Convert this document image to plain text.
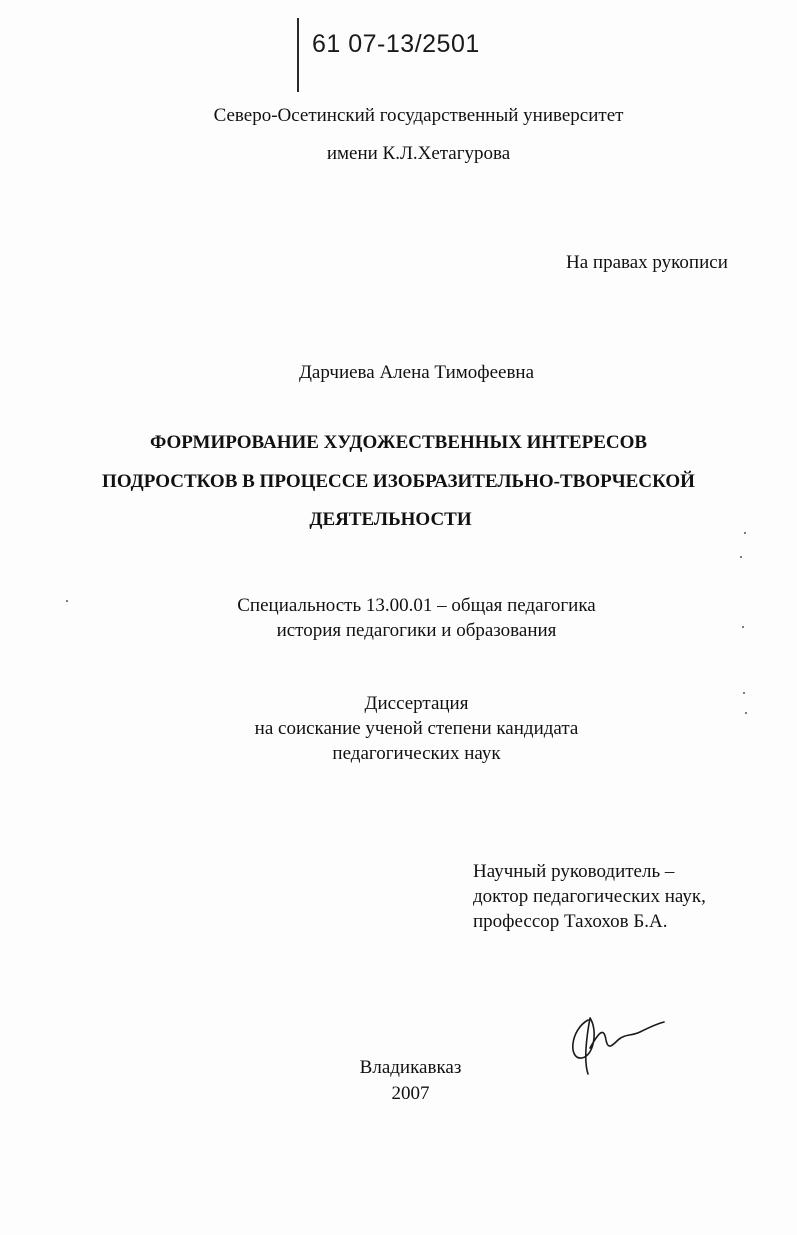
61 07-13/2501
Северо-Осетинский государственный университет
имени К.Л.Хетагурова
На правах рукописи
Дарчиева Алена Тимофеевна
ФОРМИРОВАНИЕ ХУДОЖЕСТВЕННЫХ ИНТЕРЕСОВ
ПОДРОСТКОВ В ПРОЦЕССЕ ИЗОБРАЗИТЕЛЬНО-ТВОРЧЕСКОЙ
ДЕЯТЕЛЬНОСТИ
Специальность 13.00.01 – общая педагогика
история педагогики и образования
Диссертация
на соискание ученой степени кандидата
педагогических наук
Научный руководитель –
доктор педагогических наук,
профессор Тахохов Б.А.
Владикавказ
2007
